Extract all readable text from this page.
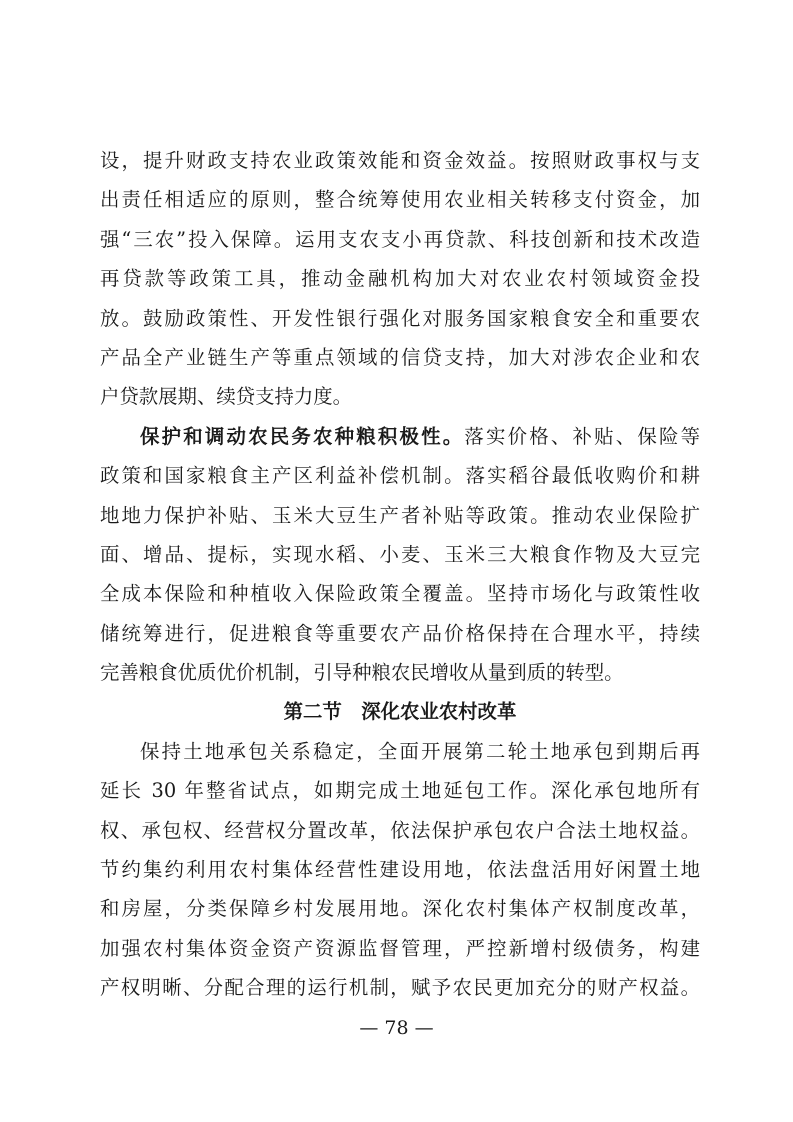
设，提升财政支持农业政策效能和资金效益。按照财政事权与支
出责任相适应的原则，整合统筹使用农业相关转移支付资金，加
强“三农”投入保障。运用支农支小再贷款、科技创新和技术改造
再贷款等政策工具，推动金融机构加大对农业农村领域资金投
放。鼓励政策性、开发性银行强化对服务国家粮食安全和重要农
产品全产业链生产等重点领域的信贷支持，加大对涉农企业和农
户贷款展期、续贷支持力度。
保护和调动农民务农种粮积极性。落实价格、补贴、保险等
政策和国家粮食主产区利益补偿机制。落实稻谷最低收购价和耕
地地力保护补贴、玉米大豆生产者补贴等政策。推动农业保险扩
面、增品、提标，实现水稻、小麦、玉米三大粮食作物及大豆完
全成本保险和种植收入保险政策全覆盖。坚持市场化与政策性收
储统筹进行，促进粮食等重要农产品价格保持在合理水平，持续
完善粮食优质优价机制，引导种粮农民增收从量到质的转型。
第二节　深化农业农村改革
保持土地承包关系稳定，全面开展第二轮土地承包到期后再
延长 30 年整省试点，如期完成土地延包工作。深化承包地所有
权、承包权、经营权分置改革，依法保护承包农户合法土地权益。
节约集约利用农村集体经营性建设用地，依法盘活用好闲置土地
和房屋，分类保障乡村发展用地。深化农村集体产权制度改革，
加强农村集体资金资产资源监督管理，严控新增村级债务，构建
产权明晰、分配合理的运行机制，赋予农民更加充分的财产权益。
— 78 —
